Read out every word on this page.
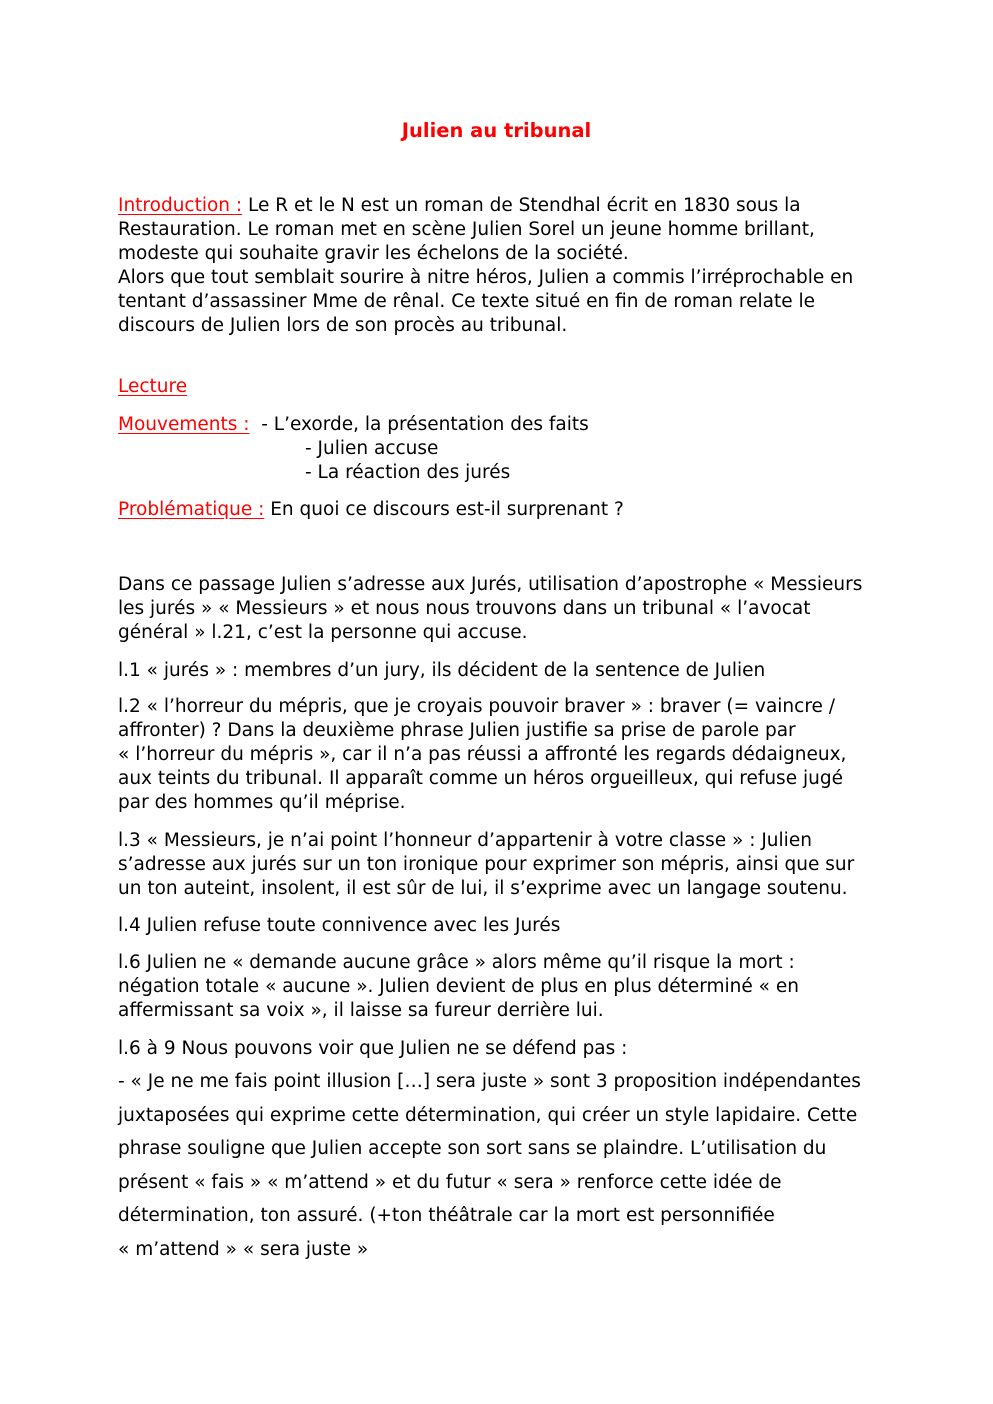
Julien au tribunal
Introduction : Le R et le N est un roman de Stendhal écrit en 1830 sous la
Restauration. Le roman met en scène Julien Sorel un jeune homme brillant,
modeste qui souhaite gravir les échelons de la société.
Alors que tout semblait sourire à nitre héros, Julien a commis l’irréprochable en
tentant d’assassiner Mme de rênal. Ce texte situé en fin de roman relate le
discours de Julien lors de son procès au tribunal.
Lecture
Mouvements : - L’exorde, la présentation des faits
- Julien accuse
- La réaction des jurés
Problématique : En quoi ce discours est-il surprenant ?
Dans ce passage Julien s’adresse aux Jurés, utilisation d’apostrophe « Messieurs
les jurés » « Messieurs » et nous nous trouvons dans un tribunal « l’avocat
général » l.21, c’est la personne qui accuse.
l.1 « jurés » : membres d’un jury, ils décident de la sentence de Julien
l.2 « l’horreur du mépris, que je croyais pouvoir braver » : braver (= vaincre /
affronter) ? Dans la deuxième phrase Julien justifie sa prise de parole par
« l’horreur du mépris », car il n’a pas réussi a affronté les regards dédaigneux,
aux teints du tribunal. Il apparaît comme un héros orgueilleux, qui refuse jugé
par des hommes qu’il méprise.
l.3 « Messieurs, je n’ai point l’honneur d’appartenir à votre classe » : Julien
s’adresse aux jurés sur un ton ironique pour exprimer son mépris, ainsi que sur
un ton auteint, insolent, il est sûr de lui, il s’exprime avec un langage soutenu.
l.4 Julien refuse toute connivence avec les Jurés
l.6 Julien ne « demande aucune grâce » alors même qu’il risque la mort :
négation totale « aucune ». Julien devient de plus en plus déterminé « en
affermissant sa voix », il laisse sa fureur derrière lui.
l.6 à 9 Nous pouvons voir que Julien ne se défend pas :
- « Je ne me fais point illusion […] sera juste » sont 3 proposition indépendantes
juxtaposées qui exprime cette détermination, qui créer un style lapidaire. Cette
phrase souligne que Julien accepte son sort sans se plaindre. L’utilisation du
présent « fais » « m’attend » et du futur « sera » renforce cette idée de
détermination, ton assuré. (+ton théâtrale car la mort est personnifiée
« m’attend » « sera juste »
